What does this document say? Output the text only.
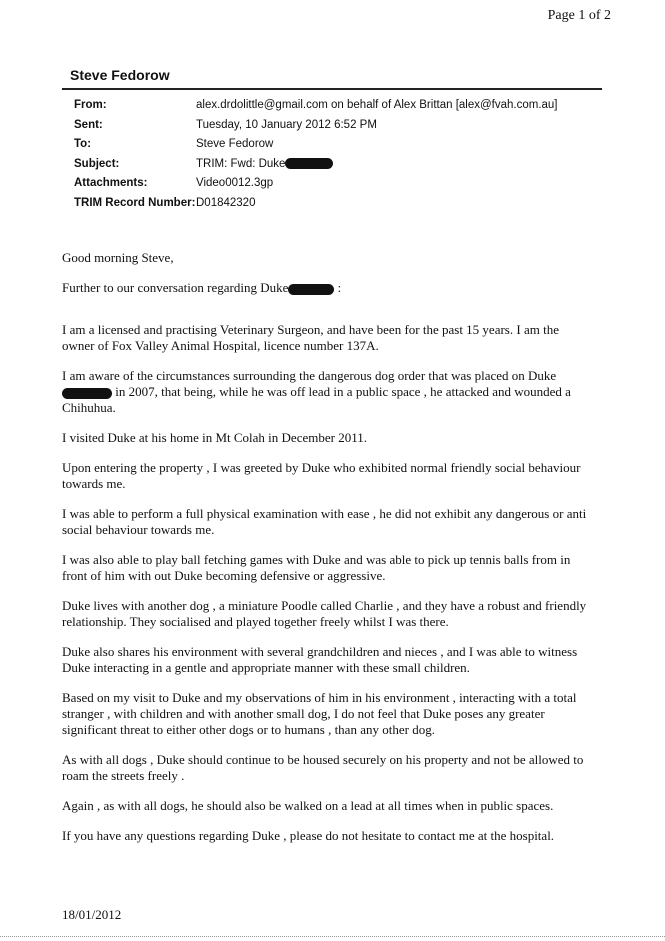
Page 1 of 2
Steve Fedorow
From:	alex.drdolittle@gmail.com on behalf of Alex Brittan [alex@fvah.com.au]
Sent:	Tuesday, 10 January 2012 6:52 PM
To:	Steve Fedorow
Subject:	TRIM: Fwd: Duke
Attachments:	Video0012.3gp
TRIM Record Number: D01842320

Good morning Steve,

Further to our conversation regarding Duke	:

I am a licensed and practising Veterinary Surgeon, and have been for the past 15 years. I am the owner of Fox Valley Animal Hospital, licence number 137A.

I am aware of the circumstances surrounding the dangerous dog order that was placed on Duke  in 2007, that being, while he was off lead in a public space , he attacked and wounded a Chihuhua.

I visited Duke at his home in Mt Colah in December 2011.

Upon entering the property , I was greeted by Duke who exhibited normal friendly social behaviour towards me.

I was able to perform a full physical examination with ease , he did not exhibit any dangerous or anti social behaviour towards me.

I was also able to play ball fetching games with Duke and was able to pick up tennis balls from in front of him with out Duke becoming defensive or aggressive.

Duke lives with another dog , a miniature Poodle called Charlie , and they have a robust and friendly relationship. They socialised and played together freely whilst I was there.

Duke also shares his environment with several grandchildren and nieces , and I was able to witness Duke interacting in a gentle and appropriate manner with these small children.

Based on my visit to Duke and my observations of him in his environment , interacting with a total stranger , with children and with another small dog, I do not feel that Duke poses any greater significant threat to either other dogs or to humans , than any other dog.

As with all dogs , Duke should continue to be housed securely on his property and not be allowed to roam the streets freely .

Again , as with all dogs, he should also be walked on a lead at all times when in public spaces.

If you have any questions regarding Duke , please do not hesitate to contact me at the hospital.

18/01/2012
